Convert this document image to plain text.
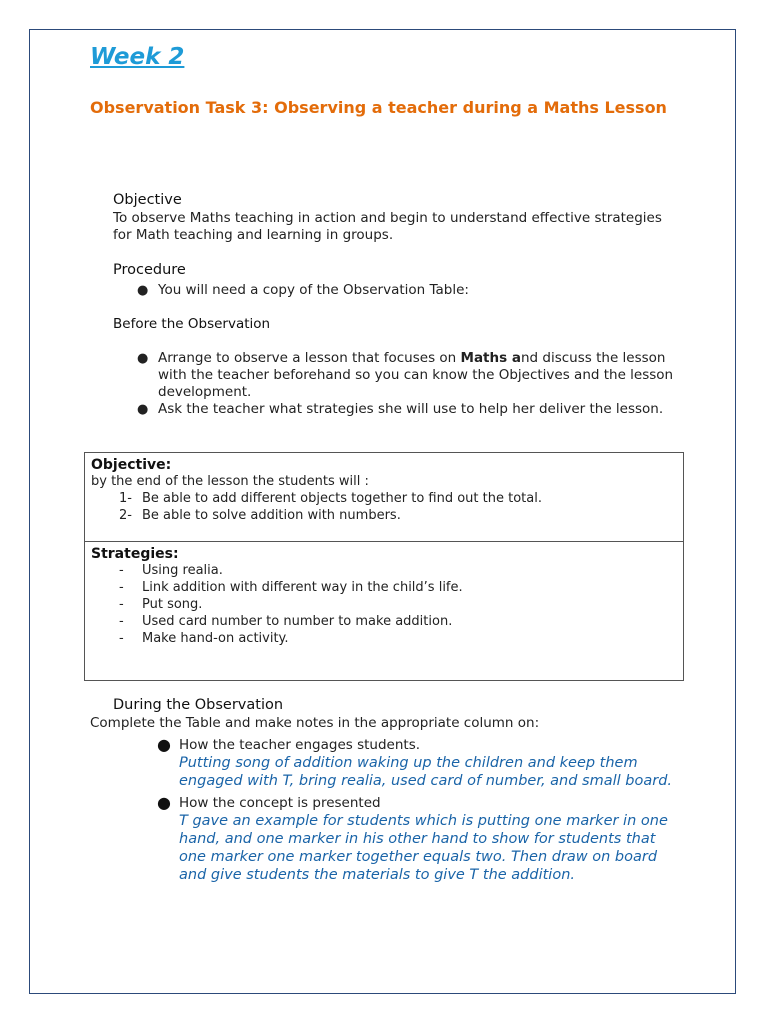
Week 2
Observation Task 3: Observing a teacher during a Maths Lesson
Objective
To observe Maths teaching in action and begin to understand effective strategies for Math teaching and learning in groups.
Procedure
● You will need a copy of the Observation Table:
Before the Observation
● Arrange to observe a lesson that focuses on Maths and discuss the lesson with the teacher beforehand so you can know the Objectives and the lesson development.
● Ask the teacher what strategies she will use to help her deliver the lesson.
Objective:
by the end of the lesson the students will :
1- Be able to add different objects together to find out the total.
2- Be able to solve addition with numbers.
Strategies:
- Using realia.
- Link addition with different way in the child’s life.
- Put song.
- Used card number to number to make addition.
- Make hand-on activity.
During the Observation
Complete the Table and make notes in the appropriate column on:
● How the teacher engages students.
Putting song of addition waking up the children and keep them engaged with T, bring realia, used card of number, and small board.
● How the concept is presented
T gave an example for students which is putting one marker in one hand, and one marker in his other hand to show for students that one marker one marker together equals two. Then draw on board and give students the materials to give T the addition.
